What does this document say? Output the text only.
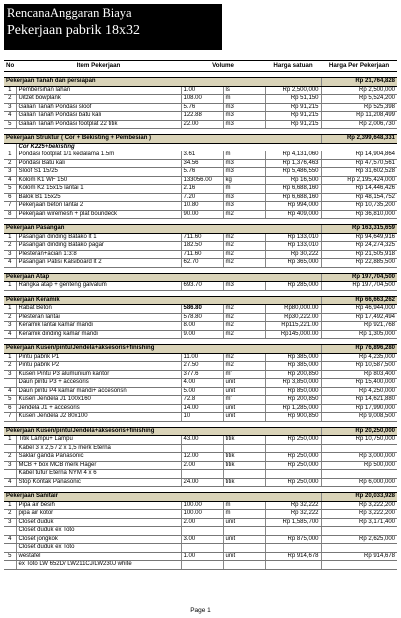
RencanaAnggaran Biaya
Pekerjaan pabrik 18x32
No	Item Pekerjaan	Volume		Harga satuan	Harga Per Pekerjaan

Pekerjaan Tanah dan persiapan					Rp 21,764,828
1	Pembersihan lahan	1.00	ls	Rp 2,500,000	Rp 2,500,000
2	Uitzet bowplank	108.00	m	Rp 51,150	Rp 5,524,200
3	Galian Tanah Pondasi sloof	5.76	m3	Rp 91,215	Rp 525,398
4	Galian Tanah Pondasi batu kali	122.88	m3	Rp 91,215	Rp 11,208,499
5	Galian Tanah Pondasi footplat 22 titik	22.00	m3	Rp 91,215	Rp 2,006,730

Pekerjaan Struktur ( Cor + Bekisting + Pembesian )					Rp 2,399,648,331
	Cor K225+bekisting				
1	Pondasi footplat 1/1 kedalama 1.5m	3.61	m	Rp 4,131,060	Rp 14,904,864
2	Pondasi Batu kali	34.56	m3	Rp 1,376,463	Rp 47,570,561
3	Sloof S1 15/25	5.76	m3	Rp 5,486,550	Rp 31,602,528
4	Kolom K1 WF 150	133056.00	kg	Rp 16,500	Rp 2,195,424,000
5	Kolom K2 15x15 lantai 1	2.16	m	Rp 6,688,160	Rp 14,446,426
6	Balok B1 15x25	7.20	m3	Rp 6,688,160	Rp 48,154,752
7	Pekerjaan beton lantai 2	10.80	m3	Rp 994,000	Rp 10,735,200
8	Pekerjaan wiremesh + plat boundeck	90.00	m2	Rp 409,000	Rp 36,810,000

Pekerjaan Pasangan					Rp 163,315,659
1	Pasangan dinding Batako lt 1	711.60	m2	Rp 133,010	Rp 94,649,916
2	Pasangan dinding Batako pagar	182.50	m2	Rp 133,010	Rp 24,274,325
3	Plesteran+acian 1:3:8	711.60	m2	Rp 30,222	Rp 21,505,918
4	Pasangan Patisi Kalsiboard lt 2	62.70	m2	Rp 365,000	Rp 22,885,500

Pekerjaan Atap					Rp 197,704,500
1	Rangka atap + genteng galvalum	693.70	m3	Rp 285,000	Rp 197,704,500

Pekerjaan Keramik					Rp 66,663,262
1	Rabat Beton	586.80	m2	Rp80,000.00	Rp 46,944,000
2	Plesteran lantai	578.80	m2	Rp30,222.00	Rp 17,492,494
3	Keramik lantai kamar mandi	8.00	m2	Rp115,221.00	Rp 921,768
4	Keramik dinding kamar mandi	9.00	m2	Rp145,000.00	Rp 1,305,000

Pekerjaan Kusen/pintu/Jendela+aksesoris+finishing					Rp 76,896,280
1	Pintu pabrik P1	11.00	m2	Rp 385,000	Rp 4,235,000
2	Pintu pabrik P2	27.50	m2	Rp 385,000	Rp 10,587,500
3	Kusen Pintu P3 alumunium kantor	377.6	m'	Rp 200,850	Rp 803,400
	Daun pintu P3 + accesoris	4.00	unit	Rp 3,850,000	Rp 15,400,000
4	Daun pintu P4 kamar mandi+ accesorisn	5.00	unit	Rp 850,000	Rp 4,250,000
5	Kusen Jendela J1 100x160	72.8	m'	Rp 200,850	Rp 14,621,880
6	Jendela J1 + accesoris	14.00	unit	Rp 1,285,000	Rp 17,990,000
7	Kusen Jendela J2 80x100	10	unit	Rp 900,850	Rp 9,008,500

Pekerjaan Kusen/pintu/Jendela+aksesoris+finishing					Rp 20,250,000
1	Titik Lampu+ Lampu	43.00	titik	Rp 250,000	Rp 10,750,000
	Kabel 3 x 2,5 / 2 x 1,5 merk Eterna				
2	Saklar ganda Panasonic	12.00	titik	Rp 250,000	Rp 3,000,000
3	MCB + box MCB merk Hager	2.00	titik	Rp 250,000	Rp 500,000
	Kabel tufur Eterna NYM 4 x 6				
4	Stop Kontak Panasonic	24.00	titik	Rp 250,000	Rp 6,000,000

Pekerjaan Sanitair					Rp 20,033,928
1	Pipa air besih	100.00	m	Rp 32,222	Rp 3,222,200
2	pipa air kotor	100.00	m	Rp 32,222	Rp 3,222,200
3	Closet duduk	2.00	unit	Rp 1,585,700	Rp 3,171,400
	Closet duduk ex Toto				
4	Closet jongkok	3.00	unit	Rp 875,000	Rp 2,625,000
	Closet duduk ex Toto				
5	westafel	1.00	unit	Rp 914,678	Rp 914,678
	ex Toto LW 652D/ LW211CJ/LW230J white				
Page 1
